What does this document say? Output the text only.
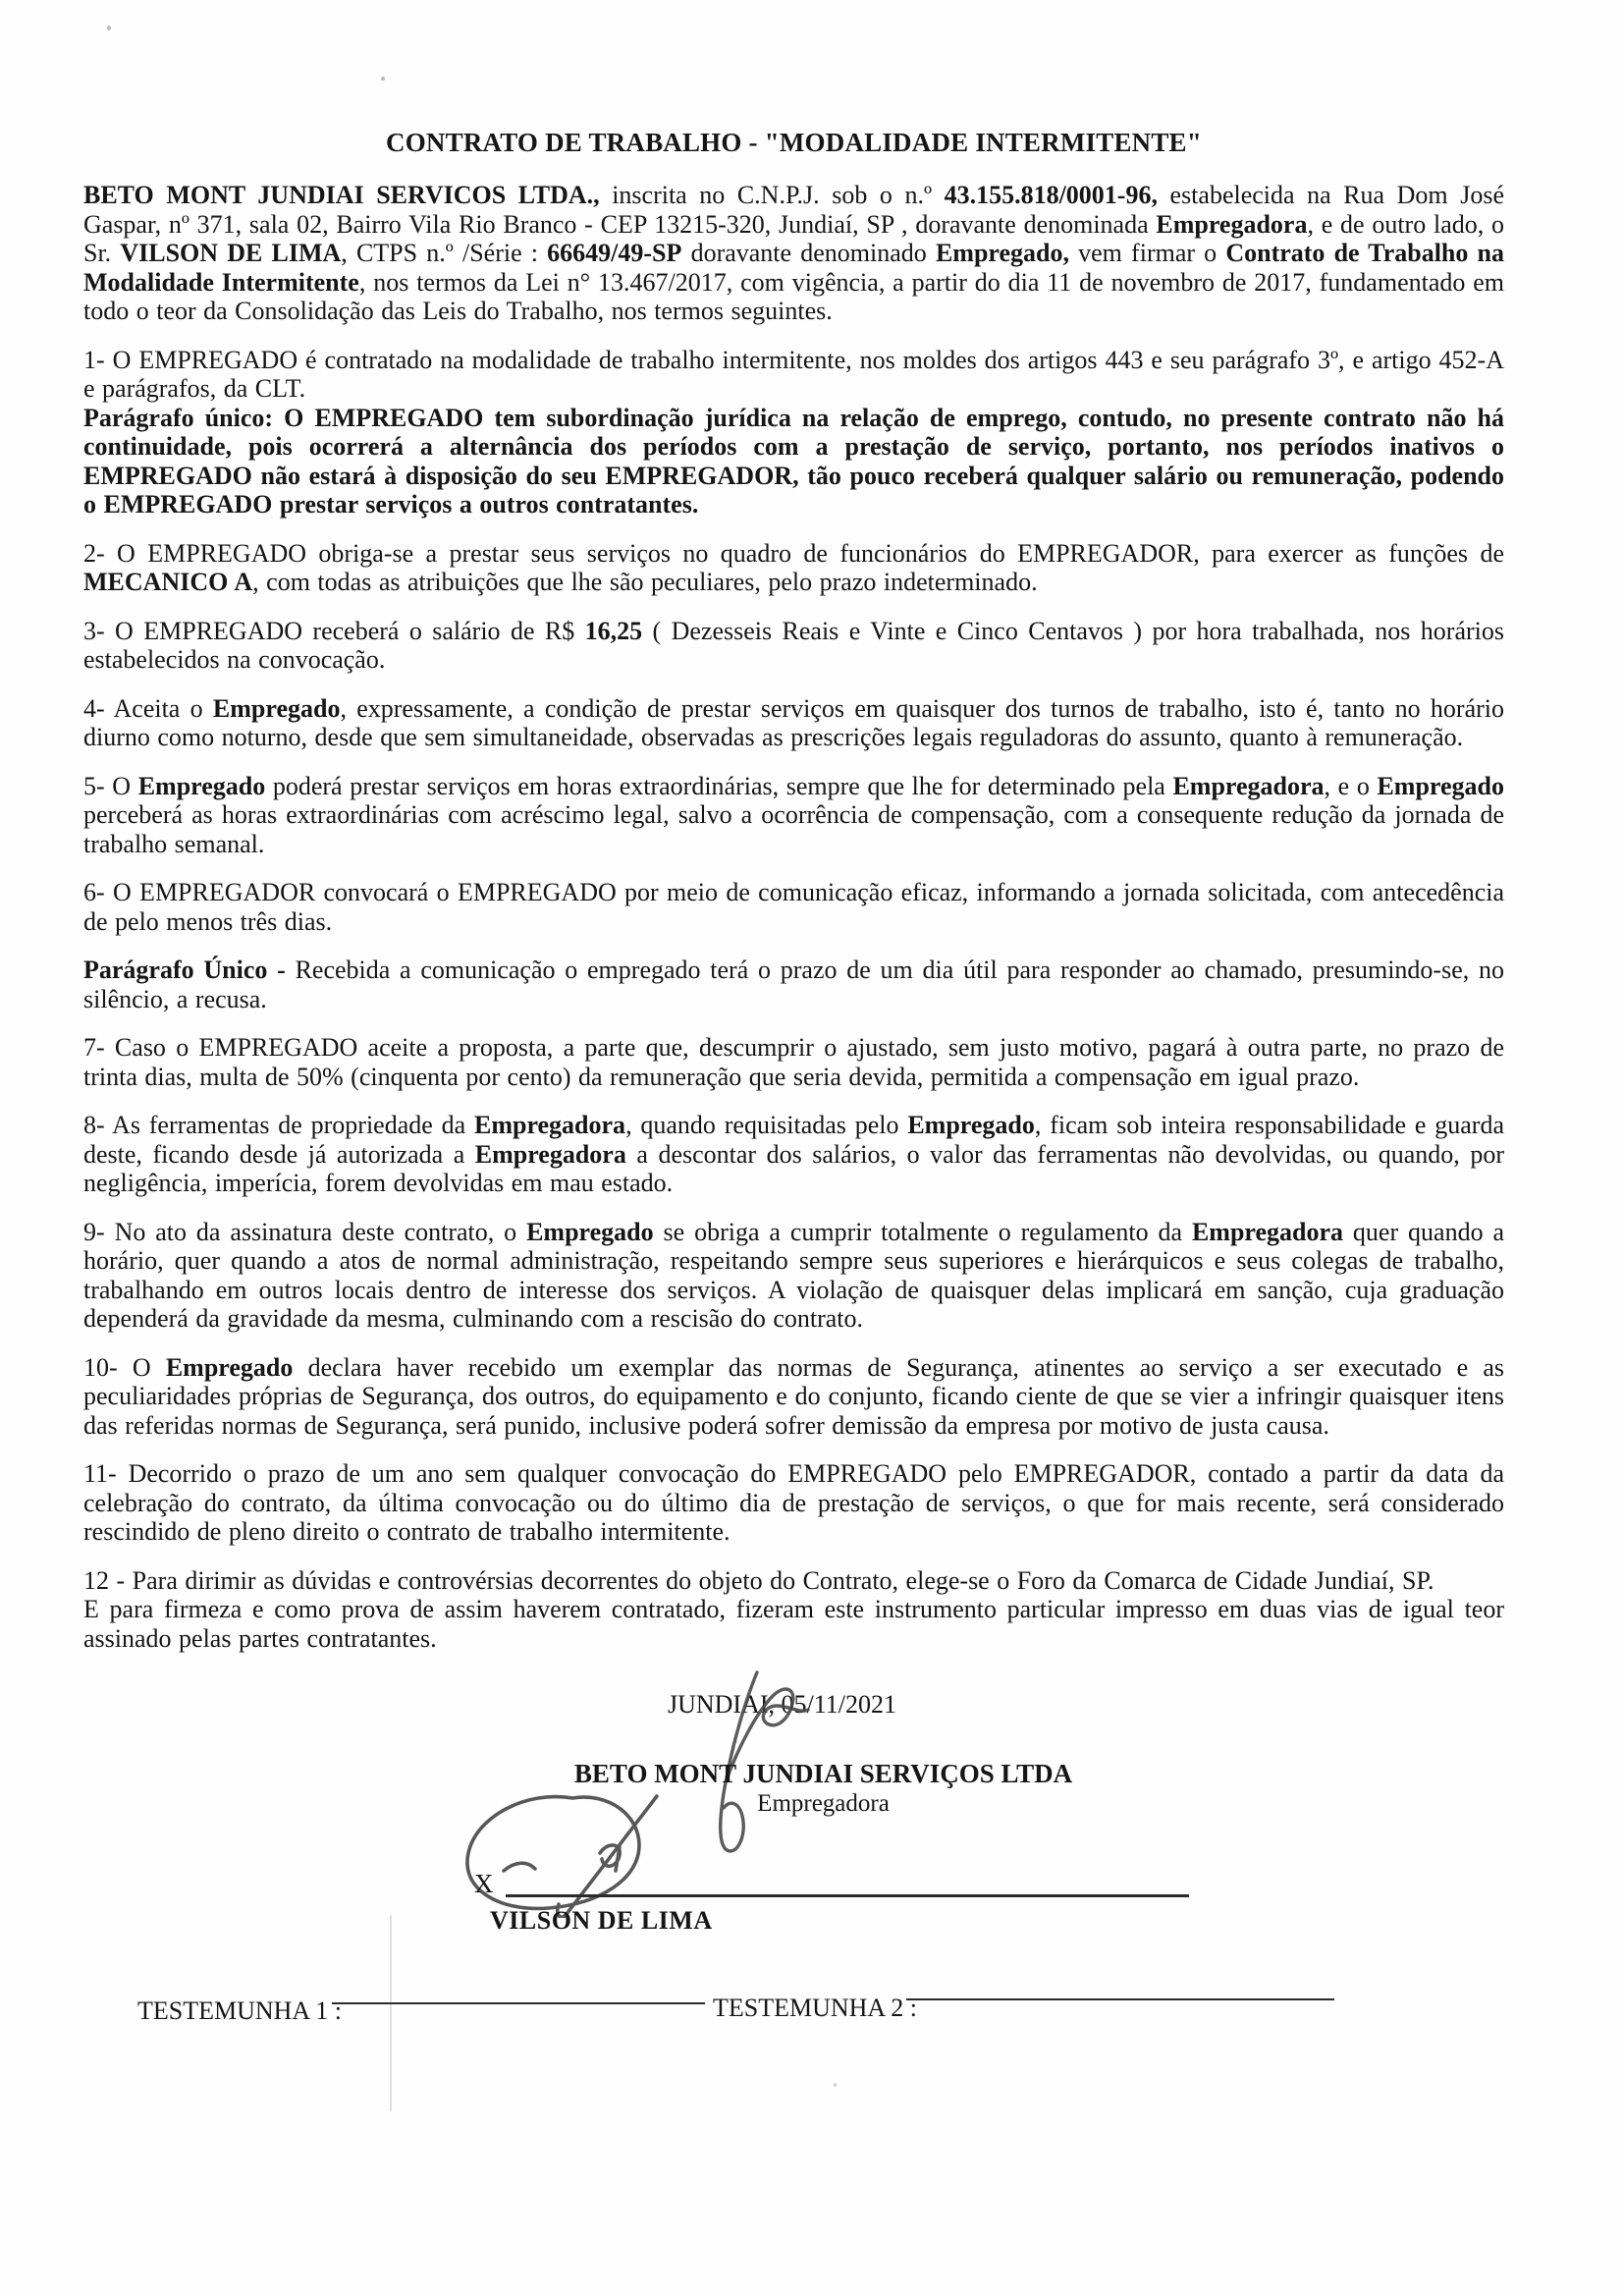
CONTRATO DE TRABALHO - "MODALIDADE INTERMITENTE"

BETO MONT JUNDIAI SERVICOS LTDA., inscrita no C.N.P.J. sob o n.º 43.155.818/0001-96, estabelecida na Rua Dom José Gaspar, nº 371, sala 02, Bairro Vila Rio Branco - CEP 13215-320, Jundiaí, SP , doravante denominada Empregadora, e de outro lado, o Sr. VILSON DE LIMA, CTPS n.º /Série : 66649/49-SP doravante denominado Empregado, vem firmar o Contrato de Trabalho na Modalidade Intermitente, nos termos da Lei n° 13.467/2017, com vigência, a partir do dia 11 de novembro de 2017, fundamentado em todo o teor da Consolidação das Leis do Trabalho, nos termos seguintes.

1- O EMPREGADO é contratado na modalidade de trabalho intermitente, nos moldes dos artigos 443 e seu parágrafo 3º, e artigo 452-A e parágrafos, da CLT.

Parágrafo único: O EMPREGADO tem subordinação jurídica na relação de emprego, contudo, no presente contrato não há continuidade, pois ocorrerá a alternância dos períodos com a prestação de serviço, portanto, nos períodos inativos o EMPREGADO não estará à disposição do seu EMPREGADOR, tão pouco receberá qualquer salário ou remuneração, podendo o EMPREGADO prestar serviços a outros contratantes.

2- O EMPREGADO obriga-se a prestar seus serviços no quadro de funcionários do EMPREGADOR, para exercer as funções de MECANICO A, com todas as atribuições que lhe são peculiares, pelo prazo indeterminado.

3- O EMPREGADO receberá o salário de R$ 16,25 ( Dezesseis Reais e Vinte e Cinco Centavos ) por hora trabalhada, nos horários estabelecidos na convocação.

4- Aceita o Empregado, expressamente, a condição de prestar serviços em quaisquer dos turnos de trabalho, isto é, tanto no horário diurno como noturno, desde que sem simultaneidade, observadas as prescrições legais reguladoras do assunto, quanto à remuneração.

5- O Empregado poderá prestar serviços em horas extraordinárias, sempre que lhe for determinado pela Empregadora, e o Empregado perceberá as horas extraordinárias com acréscimo legal, salvo a ocorrência de compensação, com a consequente redução da jornada de trabalho semanal.

6- O EMPREGADOR convocará o EMPREGADO por meio de comunicação eficaz, informando a jornada solicitada, com antecedência de pelo menos três dias.

Parágrafo Único - Recebida a comunicação o empregado terá o prazo de um dia útil para responder ao chamado, presumindo-se, no silêncio, a recusa.

7- Caso o EMPREGADO aceite a proposta, a parte que, descumprir o ajustado, sem justo motivo, pagará à outra parte, no prazo de trinta dias, multa de 50% (cinquenta por cento) da remuneração que seria devida, permitida a compensação em igual prazo.

8- As ferramentas de propriedade da Empregadora, quando requisitadas pelo Empregado, ficam sob inteira responsabilidade e guarda deste, ficando desde já autorizada a Empregadora a descontar dos salários, o valor das ferramentas não devolvidas, ou quando, por negligência, imperícia, forem devolvidas em mau estado.

9- No ato da assinatura deste contrato, o Empregado se obriga a cumprir totalmente o regulamento da Empregadora quer quando a horário, quer quando a atos de normal administração, respeitando sempre seus superiores e hierárquicos e seus colegas de trabalho, trabalhando em outros locais dentro de interesse dos serviços. A violação de quaisquer delas implicará em sanção, cuja graduação dependerá da gravidade da mesma, culminando com a rescisão do contrato.

10- O Empregado declara haver recebido um exemplar das normas de Segurança, atinentes ao serviço a ser executado e as peculiaridades próprias de Segurança, dos outros, do equipamento e do conjunto, ficando ciente de que se vier a infringir quaisquer itens das referidas normas de Segurança, será punido, inclusive poderá sofrer demissão da empresa por motivo de justa causa.

11- Decorrido o prazo de um ano sem qualquer convocação do EMPREGADO pelo EMPREGADOR, contado a partir da data da celebração do contrato, da última convocação ou do último dia de prestação de serviços, o que for mais recente, será considerado rescindido de pleno direito o contrato de trabalho intermitente.

12 - Para dirimir as dúvidas e controvérsias decorrentes do objeto do Contrato, elege-se o Foro da Comarca de Cidade Jundiaí, SP.

E para firmeza e como prova de assim haverem contratado, fizeram este instrumento particular impresso em duas vias de igual teor assinado pelas partes contratantes.

JUNDIAI, 05/11/2021
BETO MONT JUNDIAI SERVIÇOS LTDA
Empregadora
X
VILSON DE LIMA
TESTEMUNHA 1 :	TESTEMUNHA 2 :
